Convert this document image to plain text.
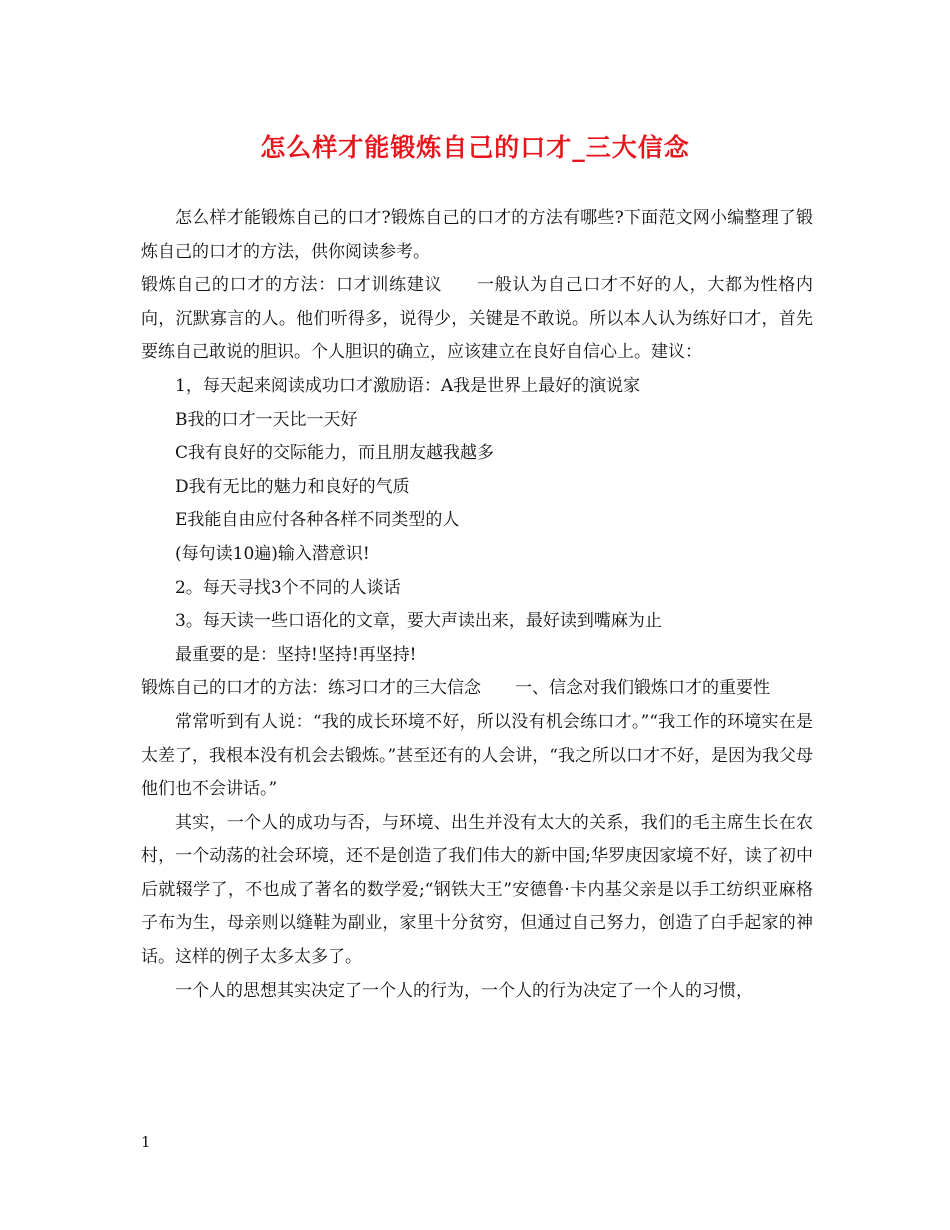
怎么样才能锻炼自己的口才_三大信念

怎么样才能锻炼自己的口才?锻炼自己的口才的方法有哪些?下面范文网小编整理了锻炼自己的口才的方法，供你阅读参考。

锻炼自己的口才的方法：口才训练建议 一般认为自己口才不好的人，大都为性格内向，沉默寡言的人。他们听得多，说得少，关键是不敢说。所以本人认为练好口才，首先要练自己敢说的胆识。个人胆识的确立，应该建立在良好自信心上。建议：

1，每天起来阅读成功口才激励语：A我是世界上最好的演说家

B我的口才一天比一天好

C我有良好的交际能力，而且朋友越我越多

D我有无比的魅力和良好的气质

E我能自由应付各种各样不同类型的人

(每句读10遍)输入潜意识!

2。每天寻找3个不同的人谈话

3。每天读一些口语化的文章，要大声读出来，最好读到嘴麻为止

最重要的是：坚持!坚持!再坚持!

锻炼自己的口才的方法：练习口才的三大信念 一、信念对我们锻炼口才的重要性

常常听到有人说：“我的成长环境不好，所以没有机会练口才。”“我工作的环境实在是太差了，我根本没有机会去锻炼。”甚至还有的人会讲，“我之所以口才不好，是因为我父母他们也不会讲话。”

其实，一个人的成功与否，与环境、出生并没有太大的关系，我们的毛主席生长在农村，一个动荡的社会环境，还不是创造了我们伟大的新中国;华罗庚因家境不好，读了初中后就辍学了，不也成了著名的数学爱;“钢铁大王”安德鲁·卡内基父亲是以手工纺织亚麻格子布为生，母亲则以缝鞋为副业，家里十分贫穷，但通过自己努力，创造了白手起家的神话。这样的例子太多太多了。

一个人的思想其实决定了一个人的行为，一个人的行为决定了一个人的习惯，

1
